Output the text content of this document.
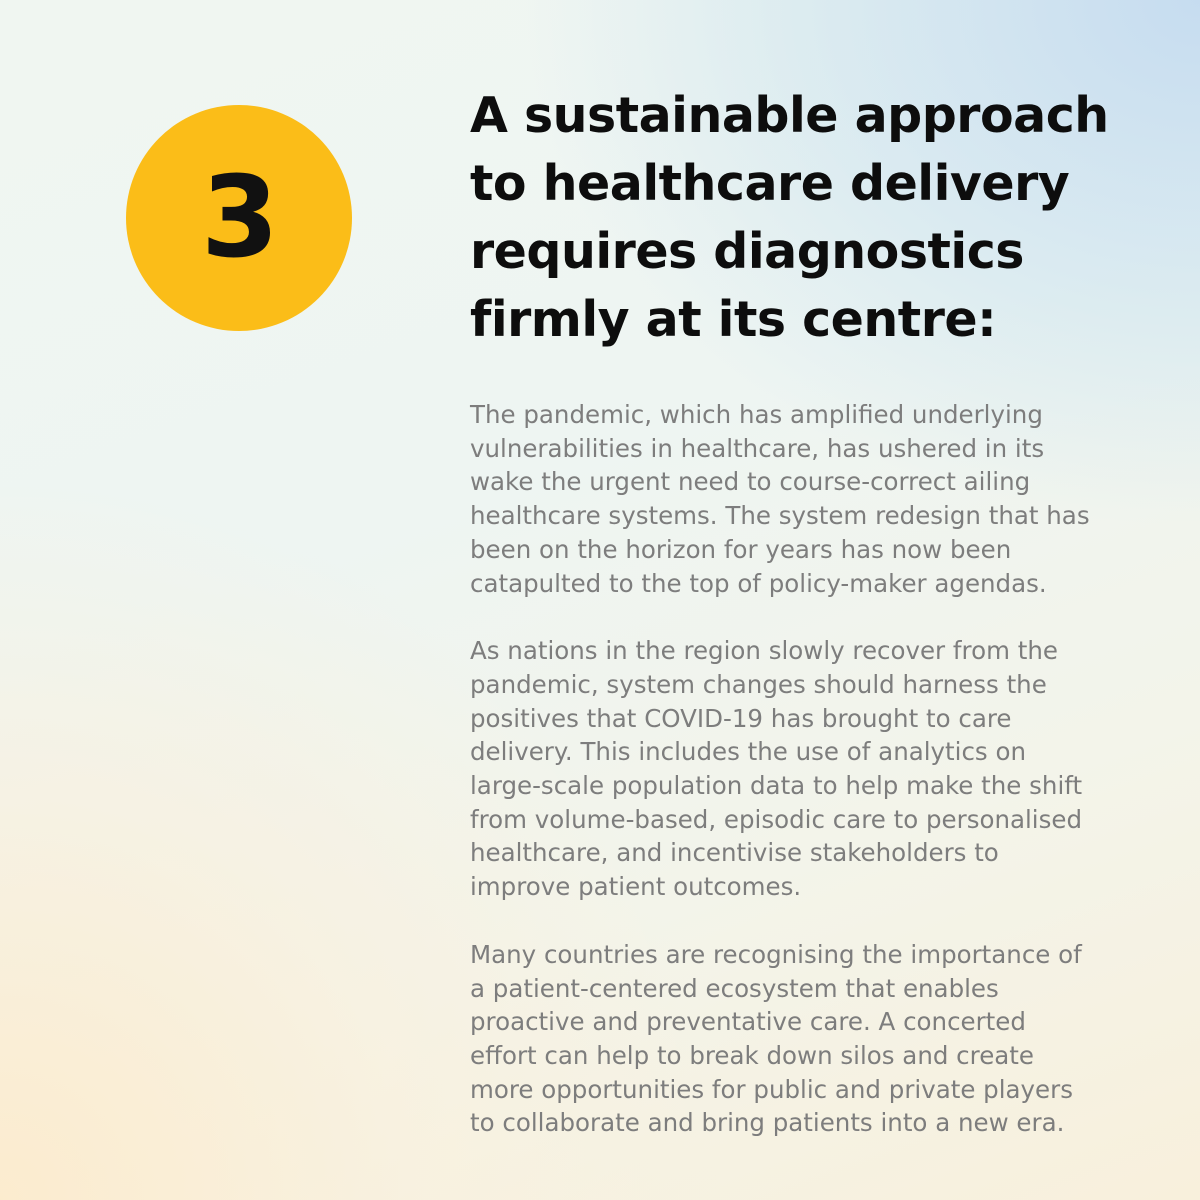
3
A sustainable approach
to healthcare delivery
requires diagnostics
firmly at its centre:

The pandemic, which has amplified underlying
vulnerabilities in healthcare, has ushered in its
wake the urgent need to course-correct ailing
healthcare systems. The system redesign that has
been on the horizon for years has now been
catapulted to the top of policy-maker agendas.

As nations in the region slowly recover from the
pandemic, system changes should harness the
positives that COVID-19 has brought to care
delivery. This includes the use of analytics on
large-scale population data to help make the shift
from volume-based, episodic care to personalised
healthcare, and incentivise stakeholders to
improve patient outcomes.

Many countries are recognising the importance of
a patient-centered ecosystem that enables
proactive and preventative care. A concerted
effort can help to break down silos and create
more opportunities for public and private players
to collaborate and bring patients into a new era.
